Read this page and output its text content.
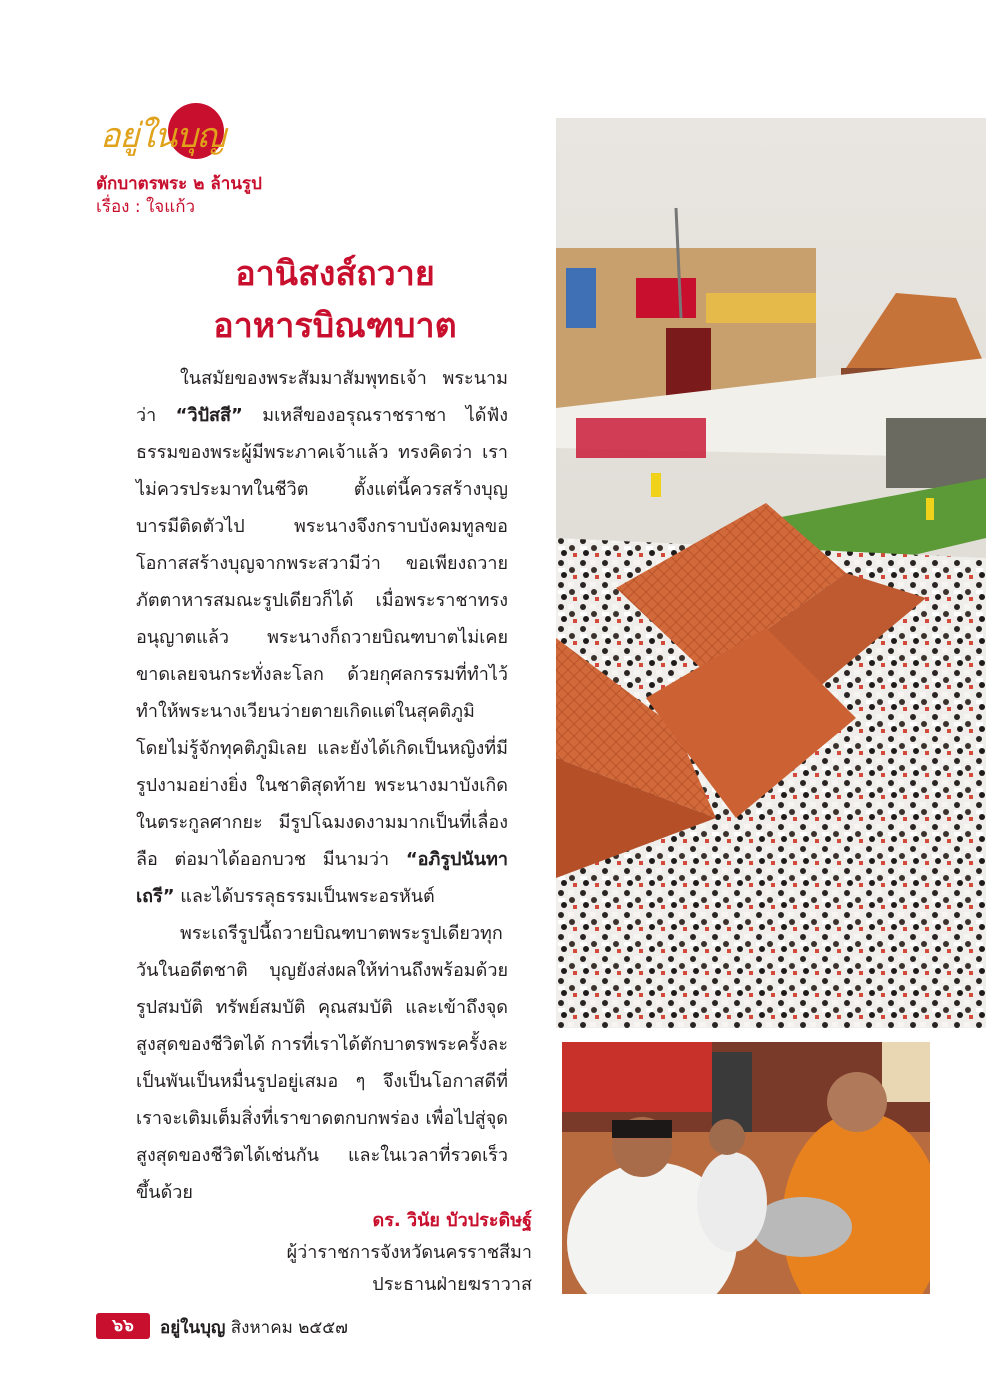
อยู่ในบุญ
ตักบาตรพระ ๒ ล้านรูป
เรื่อง : ใจแก้ว
อานิสงส์ถวาย
อาหารบิณฑบาต

ในสมัยของพระสัมมาสัมพุทธเจ้า พระนามว่า “วิปัสสี” มเหสีของอรุณราชราชา ได้ฟังธรรมของพระผู้มีพระภาคเจ้าแล้ว ทรงคิดว่า เราไม่ควรประมาทในชีวิต ตั้งแต่นี้ควรสร้างบุญบารมีติดตัวไป พระนางจึงกราบบังคมทูลขอโอกาสสร้างบุญจากพระสวามีว่า ขอเพียงถวายภัตตาหารสมณะรูปเดียวก็ได้ เมื่อพระราชาทรงอนุญาตแล้ว พระนางก็ถวายบิณฑบาตไม่เคยขาดเลยจนกระทั่งละโลก ด้วยกุศลกรรมที่ทำไว้ ทำให้พระนางเวียนว่ายตายเกิดแต่ในสุคติภูมิ โดยไม่รู้จักทุคติภูมิเลย และยังได้เกิดเป็นหญิงที่มีรูปงามอย่างยิ่ง ในชาติสุดท้าย พระนางมาบังเกิดในตระกูลศากยะ มีรูปโฉมงดงามมากเป็นที่เลื่องลือ ต่อมาได้ออกบวช มีนามว่า “อภิรูปนันทาเถรี” และได้บรรลุธรรมเป็นพระอรหันต์

พระเถรีรูปนี้ถวายบิณฑบาตพระรูปเดียวทุกวันในอดีตชาติ บุญยังส่งผลให้ท่านถึงพร้อมด้วยรูปสมบัติ ทรัพย์สมบัติ คุณสมบัติ และเข้าถึงจุดสูงสุดของชีวิตได้ การที่เราได้ตักบาตรพระครั้งละเป็นพันเป็นหมื่นรูปอยู่เสมอ ๆ จึงเป็นโอกาสดีที่เราจะเติมเต็มสิ่งที่เราขาดตกบกพร่อง เพื่อไปสู่จุดสูงสุดของชีวิตได้เช่นกัน และในเวลาที่รวดเร็วขึ้นด้วย

ดร. วินัย บัวประดิษฐ์
ผู้ว่าราชการจังหวัดนครราชสีมา
ประธานฝ่ายฆราวาส
๖๖	อยู่ในบุญ สิงหาคม ๒๕๕๗
